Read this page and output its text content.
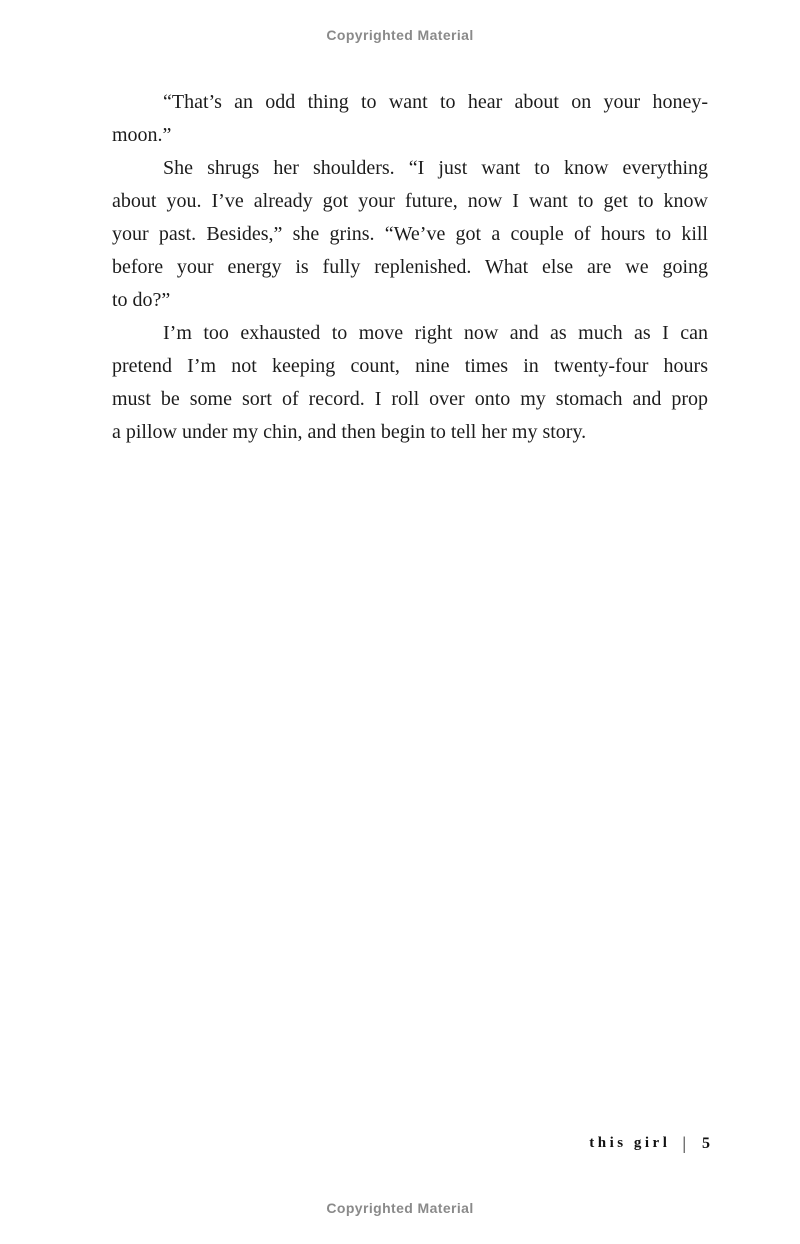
Copyrighted Material
“That’s an odd thing to want to hear about on your honey-
moon.”
She shrugs her shoulders. “I just want to know everything
about you. I’ve already got your future, now I want to get to know
your past. Besides,” she grins. “We’ve got a couple of hours to kill
before your energy is fully replenished. What else are we going
to do?”
I’m too exhausted to move right now and as much as I can
pretend I’m not keeping count, nine times in twenty-four hours
must be some sort of record. I roll over onto my stomach and prop
a pillow under my chin, and then begin to tell her my story.
this girl | 5
Copyrighted Material
